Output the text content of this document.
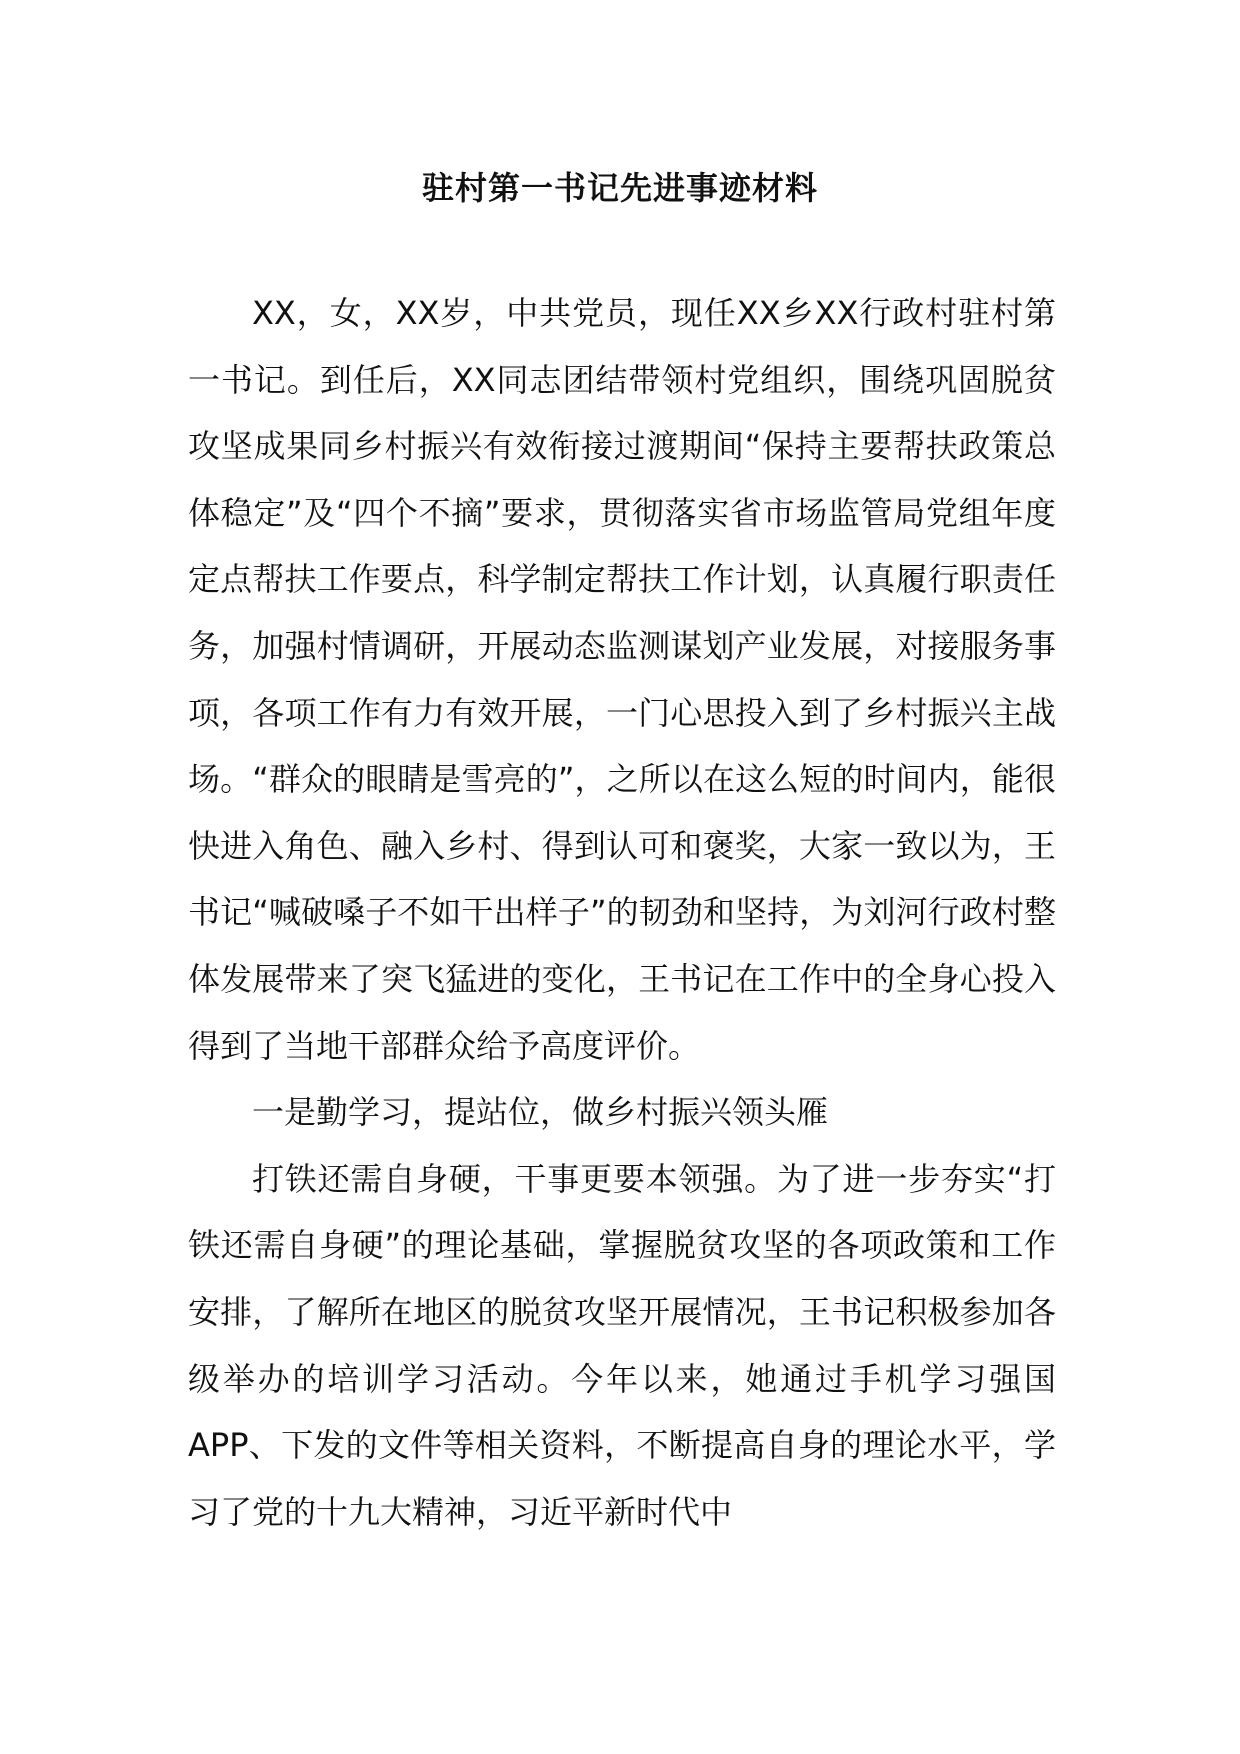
驻村第一书记先进事迹材料

XX，女，XX岁，中共党员，现任XX乡XX行政村驻村第一书记。到任后，XX同志团结带领村党组织，围绕巩固脱贫攻坚成果同乡村振兴有效衔接过渡期间“保持主要帮扶政策总体稳定”及“四个不摘”要求，贯彻落实省市场监管局党组年度定点帮扶工作要点，科学制定帮扶工作计划，认真履行职责任务，加强村情调研，开展动态监测谋划产业发展，对接服务事项，各项工作有力有效开展，一门心思投入到了乡村振兴主战场。“群众的眼睛是雪亮的”，之所以在这么短的时间内，能很快进入角色、融入乡村、得到认可和褒奖，大家一致以为，王书记“喊破嗓子不如干出样子”的韧劲和坚持，为刘河行政村整体发展带来了突飞猛进的变化，王书记在工作中的全身心投入得到了当地干部群众给予高度评价。

一是勤学习，提站位，做乡村振兴领头雁

打铁还需自身硬，干事更要本领强。为了进一步夯实“打铁还需自身硬”的理论基础，掌握脱贫攻坚的各项政策和工作安排，了解所在地区的脱贫攻坚开展情况，王书记积极参加各级举办的培训学习活动。今年以来，她通过手机学习强国APP、下发的文件等相关资料，不断提高自身的理论水平，学习了党的十九大精神，习近平新时代中
